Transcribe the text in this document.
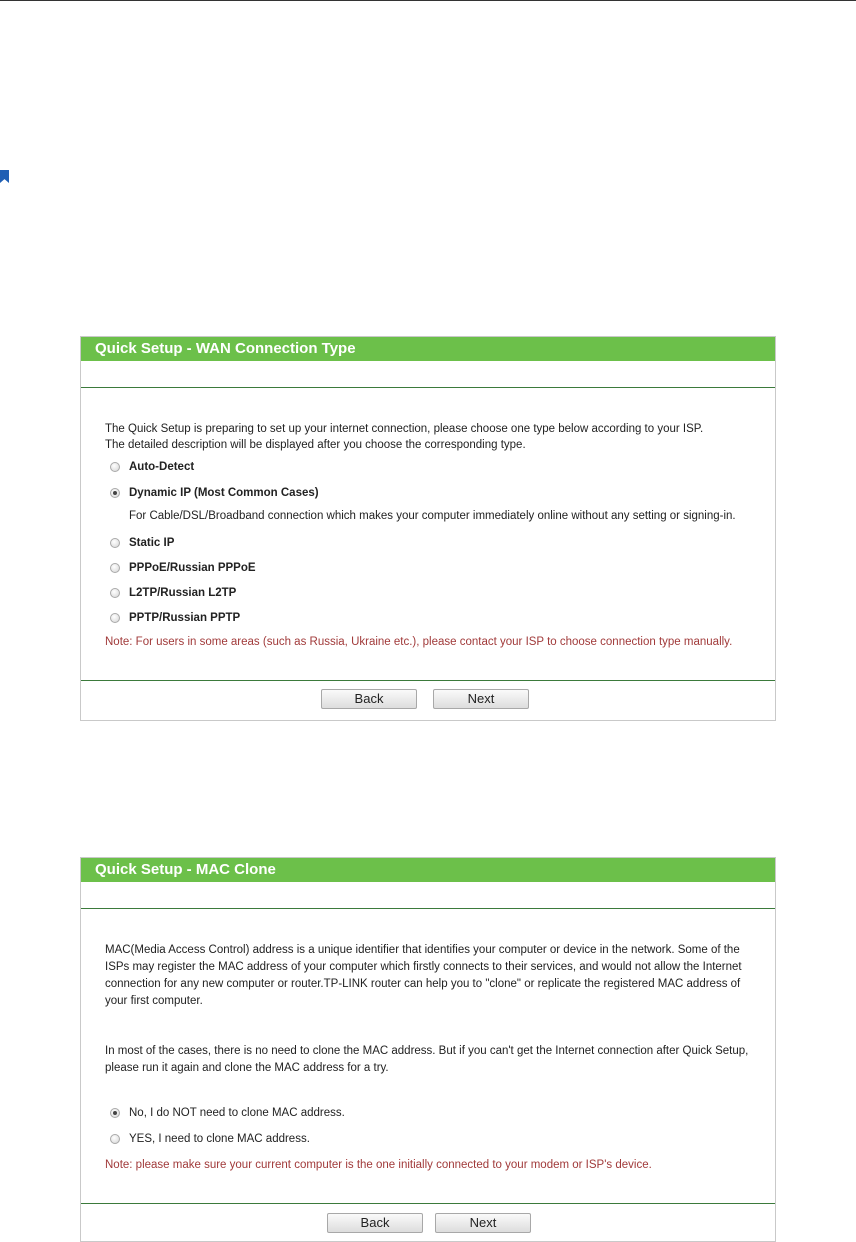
Quick Setup - WAN Connection Type
The Quick Setup is preparing to set up your internet connection, please choose one type below according to your ISP.
The detailed description will be displayed after you choose the corresponding type.
Auto-Detect
Dynamic IP (Most Common Cases)
For Cable/DSL/Broadband connection which makes your computer immediately online without any setting or signing-in.
Static IP
PPPoE/Russian PPPoE
L2TP/Russian L2TP
PPTP/Russian PPTP
Note: For users in some areas (such as Russia, Ukraine etc.), please contact your ISP to choose connection type manually.
Back	Next
Quick Setup - MAC Clone
MAC(Media Access Control) address is a unique identifier that identifies your computer or device in the network. Some of the ISPs may register the MAC address of your computer which firstly connects to their services, and would not allow the Internet connection for any new computer or router.TP-LINK router can help you to "clone" or replicate the registered MAC address of your first computer.
In most of the cases, there is no need to clone the MAC address. But if you can't get the Internet connection after Quick Setup, please run it again and clone the MAC address for a try.
No, I do NOT need to clone MAC address.
YES, I need to clone MAC address.
Note: please make sure your current computer is the one initially connected to your modem or ISP's device.
Back	Next
